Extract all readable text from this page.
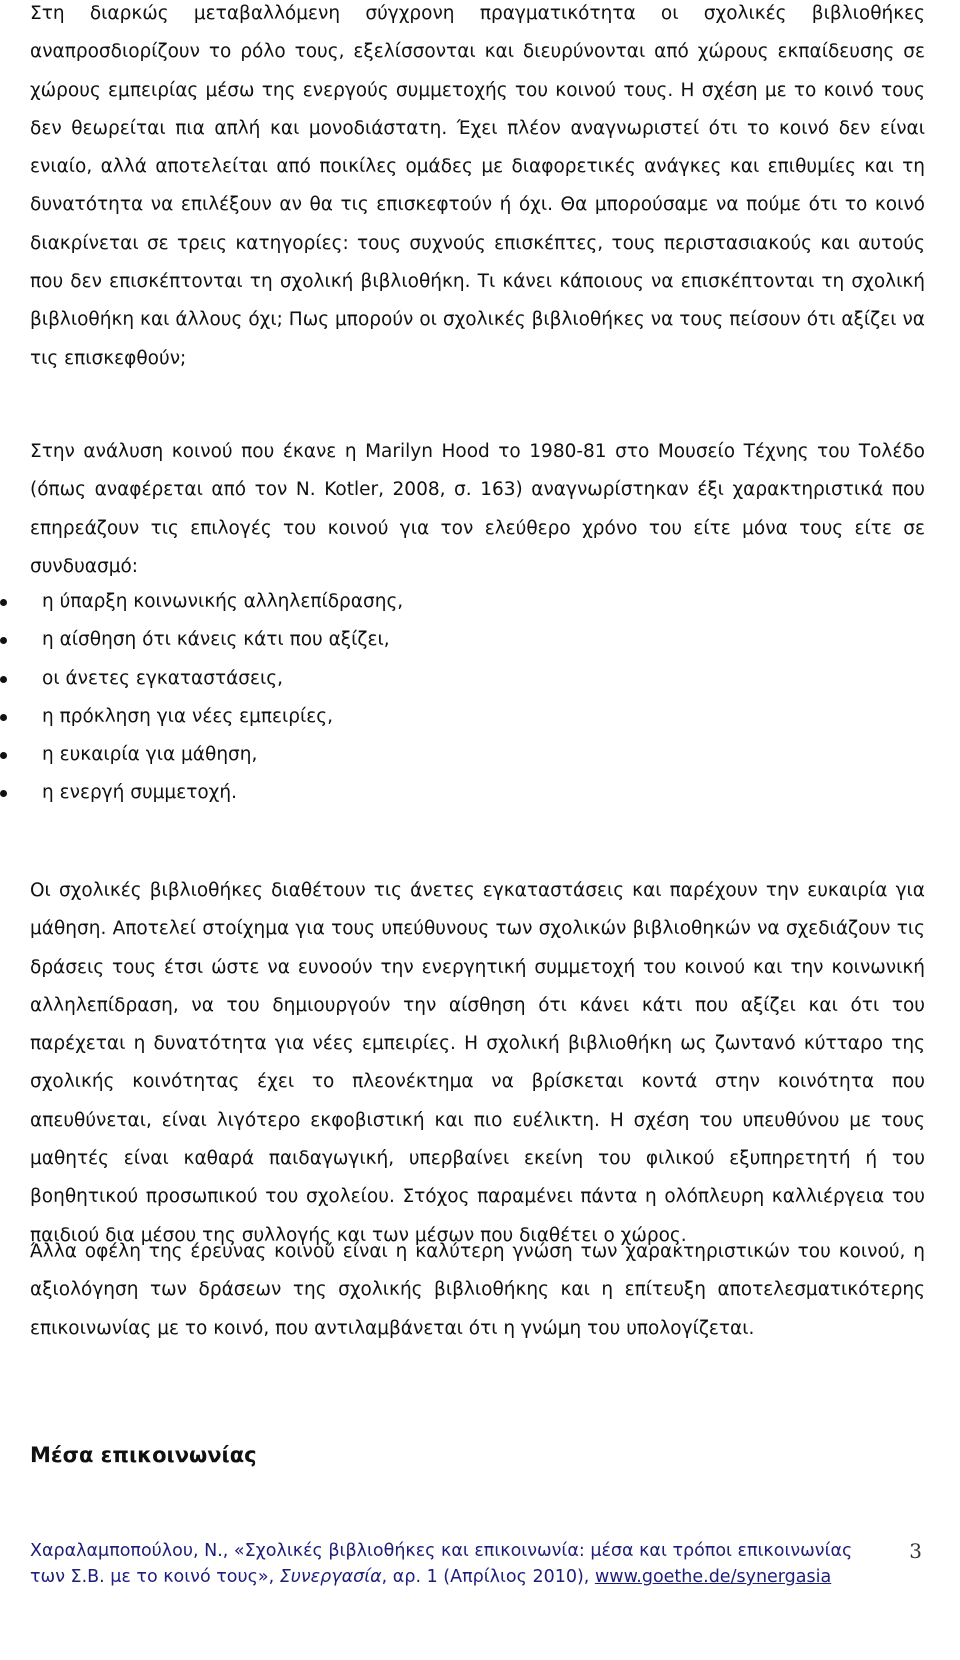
Στη διαρκώς μεταβαλλόμενη σύγχρονη πραγματικότητα οι σχολικές βιβλιοθήκες αναπροσδιορίζουν το ρόλο τους, εξελίσσονται και διευρύνονται από χώρους εκπαίδευσης σε χώρους εμπειρίας μέσω της ενεργούς συμμετοχής του κοινού τους. Η σχέση με το κοινό τους δεν θεωρείται πια απλή και μονοδιάστατη. Έχει πλέον αναγνωριστεί ότι το κοινό δεν είναι ενιαίο, αλλά αποτελείται από ποικίλες ομάδες με διαφορετικές ανάγκες και επιθυμίες και τη δυνατότητα να επιλέξουν αν θα τις επισκεφτούν ή όχι. Θα μπορούσαμε να πούμε ότι το κοινό διακρίνεται σε τρεις κατηγορίες: τους συχνούς επισκέπτες, τους περιστασιακούς και αυτούς που δεν επισκέπτονται τη σχολική βιβλιοθήκη. Τι κάνει κάποιους να επισκέπτονται τη σχολική βιβλιοθήκη και άλλους όχι; Πως μπορούν οι σχολικές βιβλιοθήκες να τους πείσουν ότι αξίζει να τις επισκεφθούν;

Στην ανάλυση κοινού που έκανε η Marilyn Hood το 1980-81 στο Μουσείο Τέχνης του Τολέδο (όπως αναφέρεται από τον N. Kotler, 2008, σ. 163) αναγνωρίστηκαν έξι χαρακτηριστικά που επηρεάζουν τις επιλογές του κοινού για τον ελεύθερο χρόνο του είτε μόνα τους είτε σε συνδυασμό:

η ύπαρξη κοινωνικής αλληλεπίδρασης,
η αίσθηση ότι κάνεις κάτι που αξίζει,
οι άνετες εγκαταστάσεις,
η πρόκληση για νέες εμπειρίες,
η ευκαιρία για μάθηση,
η ενεργή συμμετοχή.

Οι σχολικές βιβλιοθήκες διαθέτουν τις άνετες εγκαταστάσεις και παρέχουν την ευκαιρία για μάθηση. Αποτελεί στοίχημα για τους υπεύθυνους των σχολικών βιβλιοθηκών να σχεδιάζουν τις δράσεις τους έτσι ώστε να ευνοούν την ενεργητική συμμετοχή του κοινού και την κοινωνική αλληλεπίδραση, να του δημιουργούν την αίσθηση ότι κάνει κάτι που αξίζει και ότι του παρέχεται η δυνατότητα για νέες εμπειρίες. Η σχολική βιβλιοθήκη ως ζωντανό κύτταρο της σχολικής κοινότητας έχει το πλεονέκτημα να βρίσκεται κοντά στην κοινότητα που απευθύνεται, είναι λιγότερο εκφοβιστική και πιο ευέλικτη. Η σχέση του υπευθύνου με τους μαθητές είναι καθαρά παιδαγωγική, υπερβαίνει εκείνη του φιλικού εξυπηρετητή ή του βοηθητικού προσωπικού του σχολείου. Στόχος παραμένει πάντα η ολόπλευρη καλλιέργεια του παιδιού δια μέσου της συλλογής και των μέσων που διαθέτει ο χώρος.

Άλλα οφέλη της έρευνας κοινού είναι η καλύτερη γνώση των χαρακτηριστικών του κοινού, η αξιολόγηση των δράσεων της σχολικής βιβλιοθήκης και η επίτευξη αποτελεσματικότερης επικοινωνίας με το κοινό, που αντιλαμβάνεται ότι η γνώμη του υπολογίζεται.

Μέσα επικοινωνίας
Χαραλαμποπούλου, Ν., «Σχολικές βιβλιοθήκες και επικοινωνία: μέσα και τρόποι επικοινωνίας των Σ.Β. με το κοινό τους», Συνεργασία, αρ. 1 (Απρίλιος 2010), www.goethe.de/synergasia
3
